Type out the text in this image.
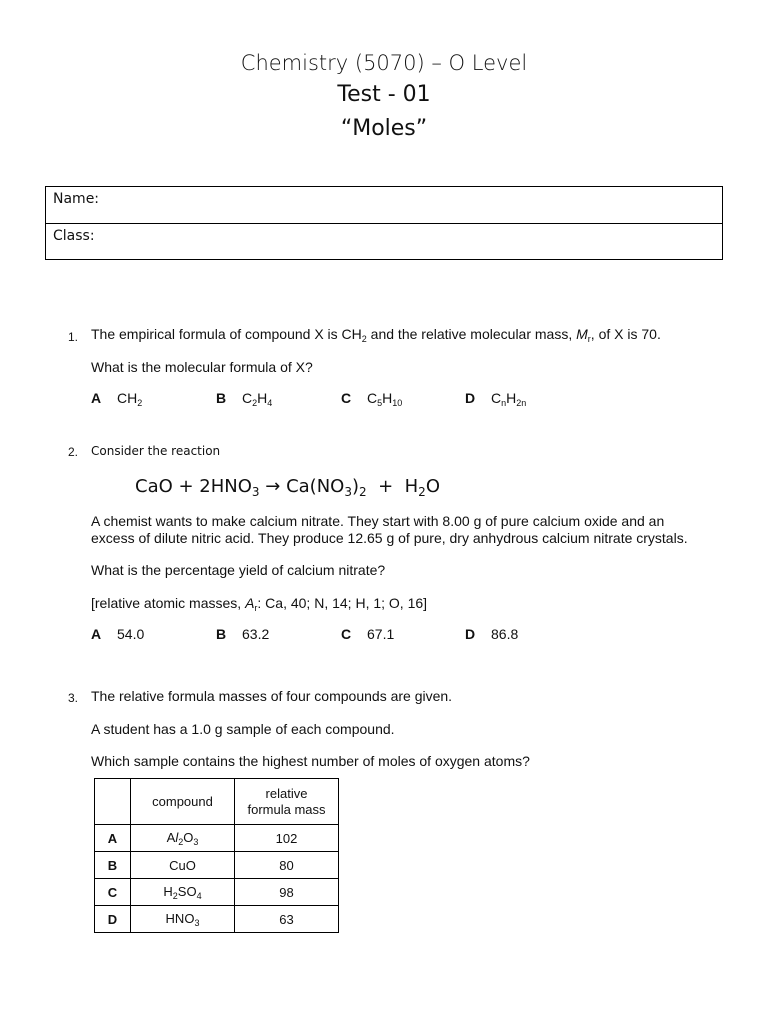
Chemistry (5070) – O Level
Test - 01
“Moles”
Name:
Class:
1. The empirical formula of compound X is $CH_2$ and the relative molecular mass, $M_r$, of X is 70.
What is the molecular formula of X?
A $CH_2$	B $C_2H_4$	C $C_5H_{10}$	D $C_nH_{2n}$
2. Consider the reaction
CaO + $2HNO_3 \to Ca(NO_3)_2 + H_2O$
A chemist wants to make calcium nitrate. They start with 8.00 g of pure calcium oxide and an
excess of dilute nitric acid. They produce 12.65 g of pure, dry anhydrous calcium nitrate crystals.
What is the percentage yield of calcium nitrate?
[relative atomic masses, $A_r$: Ca, 40; N, 14; H, 1; O, 16]
A 54.0	B 63.2	C 67.1	D 86.8
3. The relative formula masses of four compounds are given.
A student has a 1.0 g sample of each compound.
Which sample contains the highest number of moles of oxygen atoms?
	compound	relative
formula mass
A	$Al_2O_3$	102
B	CuO	80
C	$H_2SO_4$	98
D	$HNO_3$	63
